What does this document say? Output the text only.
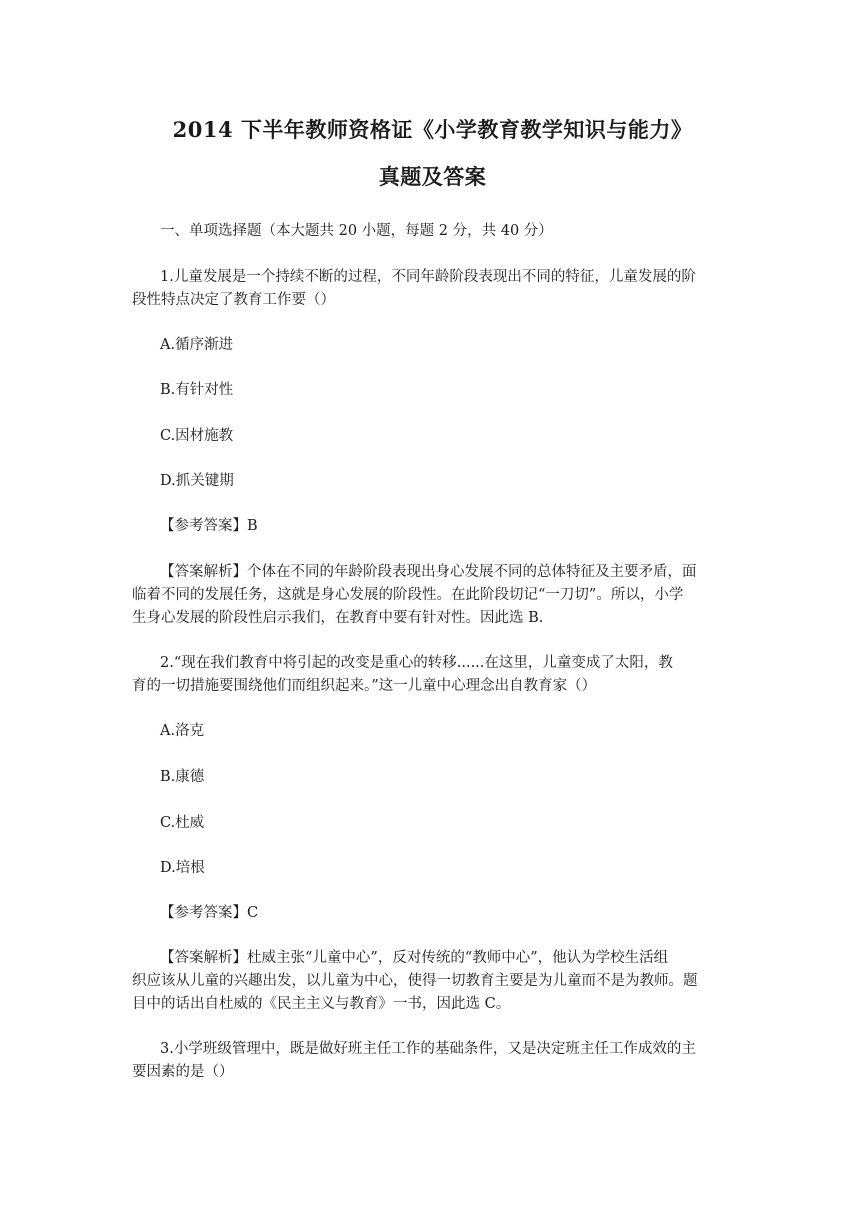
2014 下半年教师资格证《小学教育教学知识与能力》
真题及答案
一、单项选择题（本大题共 20 小题，每题 2 分，共 40 分）
1.儿童发展是一个持续不断的过程，不同年龄阶段表现出不同的特征，儿童发展的阶
段性特点决定了教育工作要（）
A.循序渐进
B.有针对性
C.因材施教
D.抓关键期
【参考答案】B
【答案解析】个体在不同的年龄阶段表现出身心发展不同的总体特征及主要矛盾，面
临着不同的发展任务，这就是身心发展的阶段性。在此阶段切记“一刀切”。所以，小学
生身心发展的阶段性启示我们，在教育中要有针对性。因此选 B.
2.“现在我们教育中将引起的改变是重心的转移......在这里，儿童变成了太阳，教
育的一切措施要围绕他们而组织起来。”这一儿童中心理念出自教育家（）
A.洛克
B.康德
C.杜威
D.培根
【参考答案】C
【答案解析】杜威主张“儿童中心”，反对传统的“教师中心”，他认为学校生活组
织应该从儿童的兴趣出发，以儿童为中心，使得一切教育主要是为儿童而不是为教师。题
目中的话出自杜威的《民主主义与教育》一书，因此选 C。
3.小学班级管理中，既是做好班主任工作的基础条件，又是决定班主任工作成效的主
要因素的是（）
